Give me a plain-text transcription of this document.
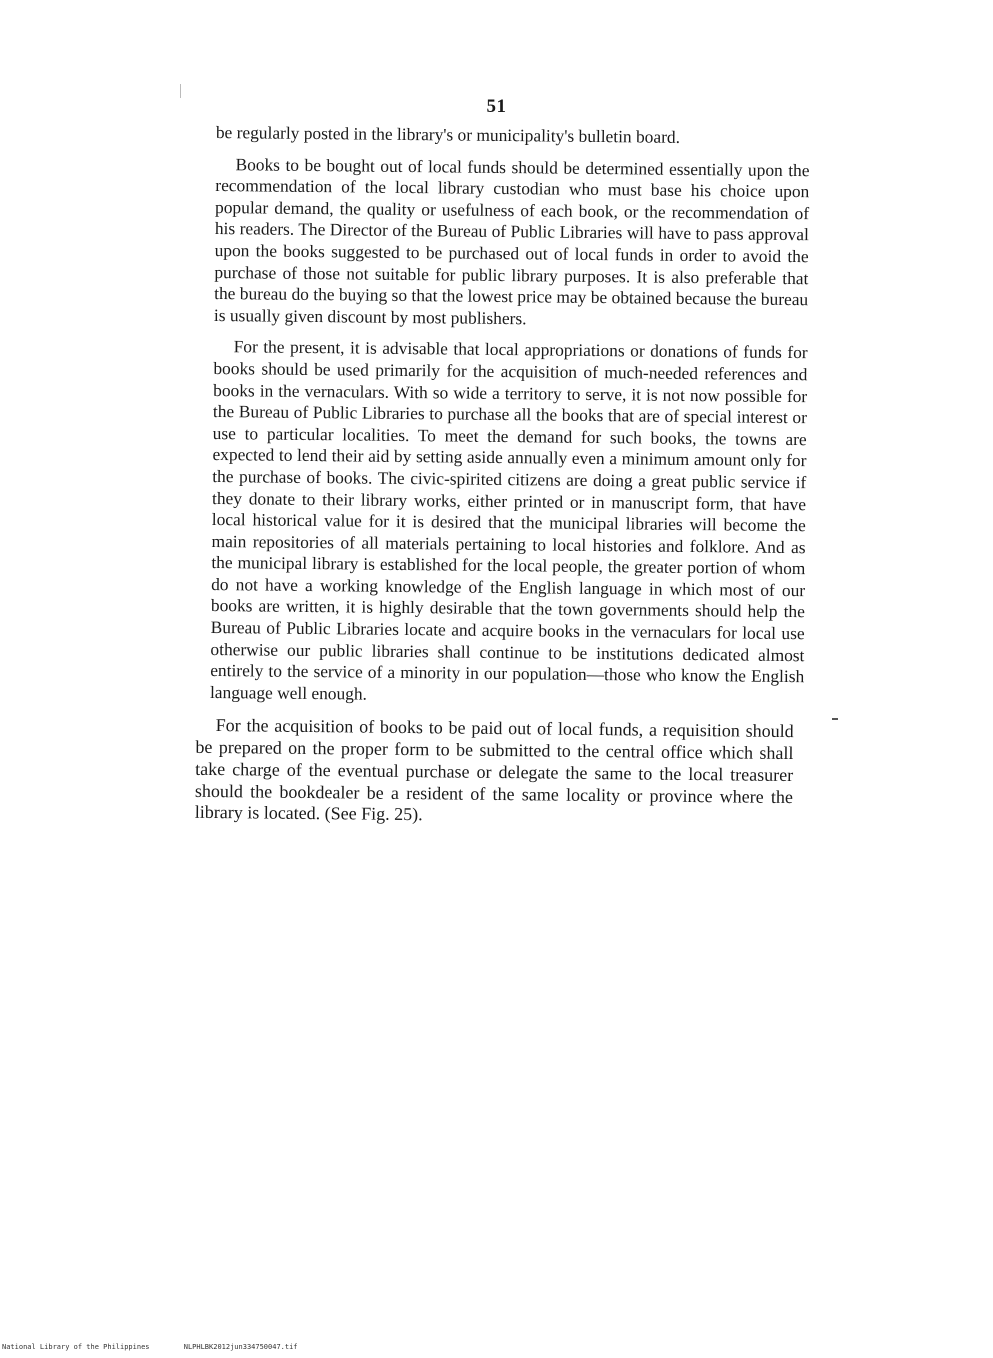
51

be regularly posted in the library's or municipality's bulletin board.

Books to be bought out of local funds should be determined essentially upon the recommendation of the local library custodian who must base his choice upon popular demand, the quality or usefulness of each book, or the recommendation of his readers. The Director of the Bureau of Public Libraries will have to pass approval upon the books suggested to be purchased out of local funds in order to avoid the purchase of those not suitable for public library purposes. It is also preferable that the bureau do the buying so that the lowest price may be obtained because the bureau is usually given discount by most publishers.

For the present, it is advisable that local appropriations or donations of funds for books should be used primarily for the acquisition of much-needed references and books in the vernaculars. With so wide a territory to serve, it is not now possible for the Bureau of Public Libraries to purchase all the books that are of special interest or use to particular localities. To meet the demand for such books, the towns are expected to lend their aid by setting aside annually even a minimum amount only for the purchase of books. The civic-spirited citizens are doing a great public service if they donate to their library works, either printed or in manuscript form, that have local historical value for it is desired that the municipal libraries will become the main repositories of all materials pertaining to local histories and folklore. And as the municipal library is established for the local people, the greater portion of whom do not have a working knowledge of the English language in which most of our books are written, it is highly desirable that the town governments should help the Bureau of Public Libraries locate and acquire books in the vernaculars for local use otherwise our public libraries shall continue to be institutions dedicated almost entirely to the service of a minority in our population—those who know the English language well enough.

For the acquisition of books to be paid out of local funds, a requisition should be prepared on the proper form to be submitted to the central office which shall take charge of the eventual purchase or delegate the same to the local treasurer should the bookdealer be a resident of the same locality or province where the library is located. (See Fig. 25).

National Library of the Philippines	NLPHLBK2012jun334750047.tif
